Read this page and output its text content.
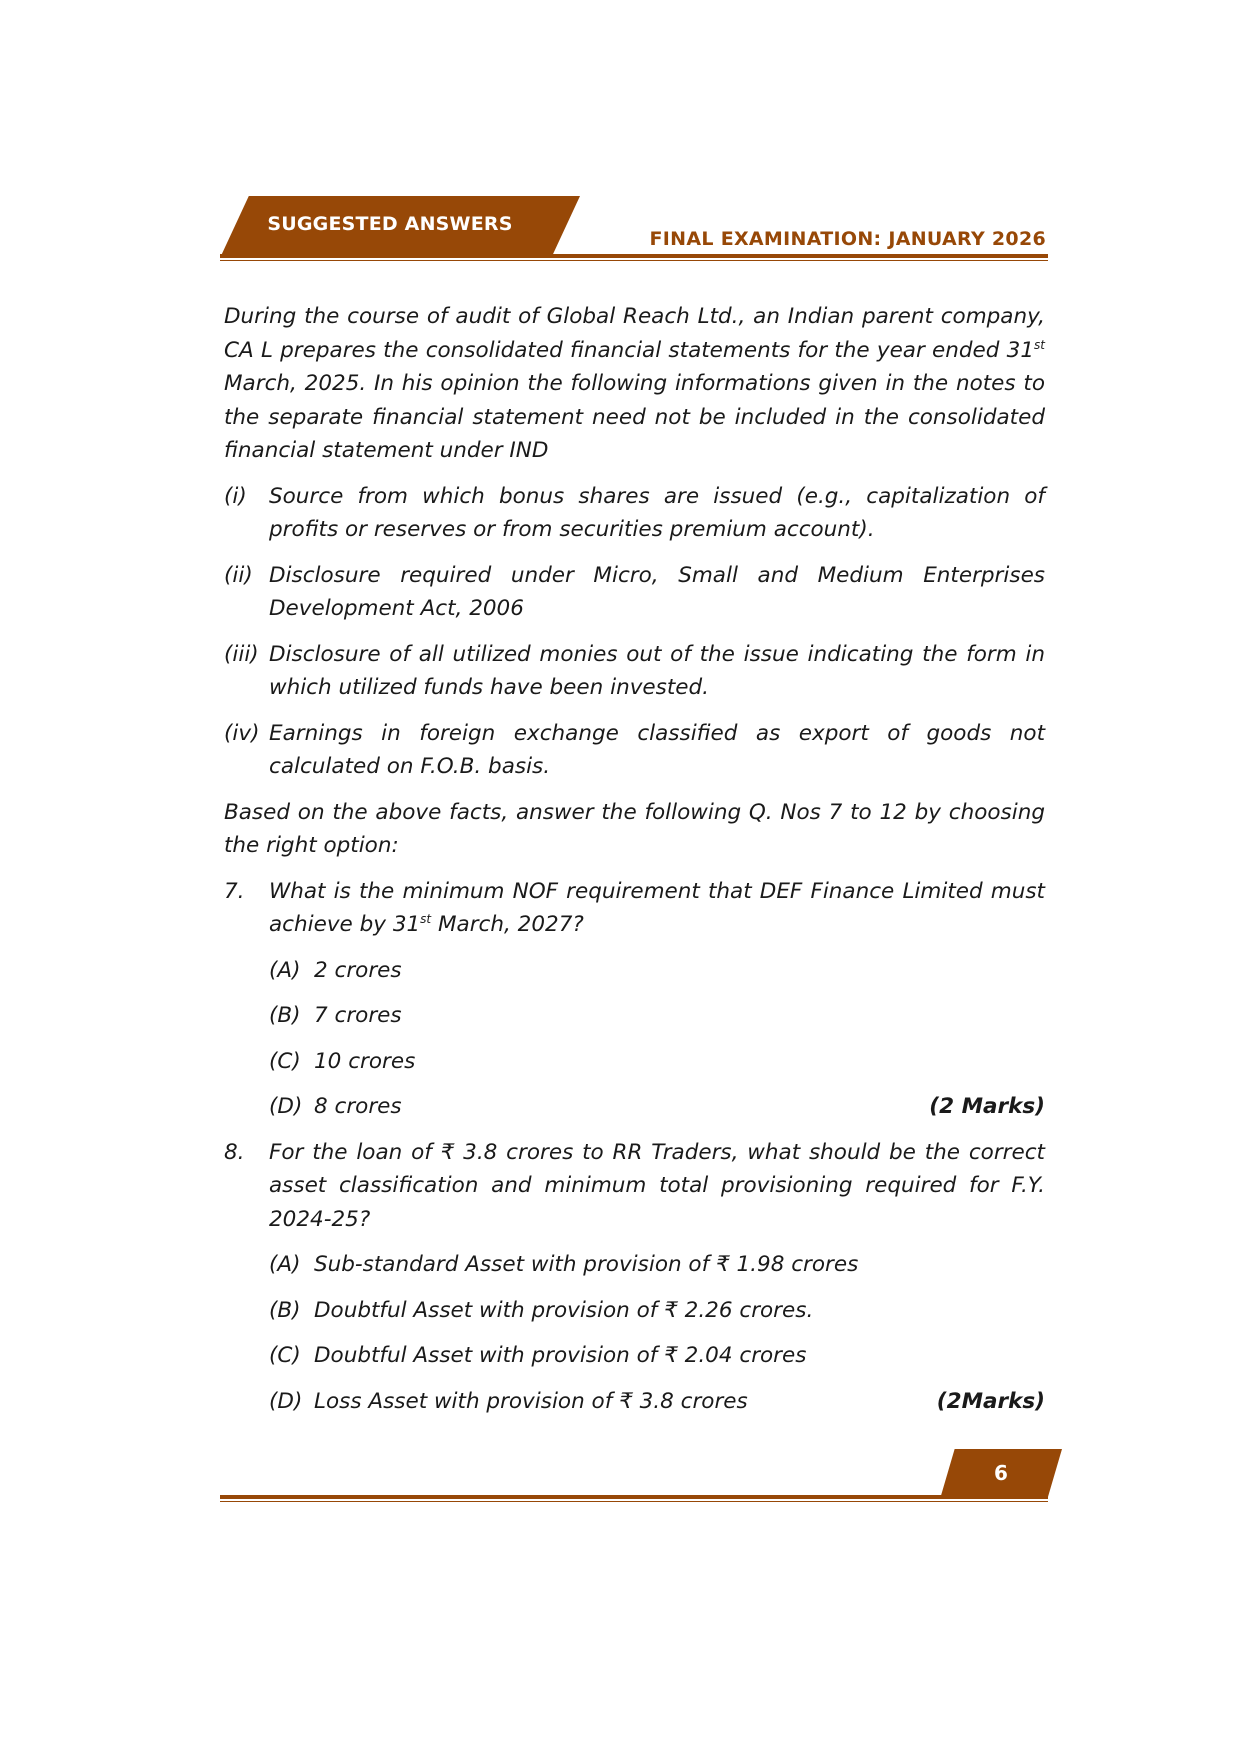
SUGGESTED ANSWERS
FINAL EXAMINATION: JANUARY 2026

During the course of audit of Global Reach Ltd., an Indian parent company, CA L prepares the consolidated financial statements for the year ended 31st March, 2025. In his opinion the following informations given in the notes to the separate financial statement need not be included in the consolidated financial statement under IND

(i) Source from which bonus shares are issued (e.g., capitalization of profits or reserves or from securities premium account).

(ii) Disclosure required under Micro, Small and Medium Enterprises Development Act, 2006

(iii) Disclosure of all utilized monies out of the issue indicating the form in which utilized funds have been invested.

(iv) Earnings in foreign exchange classified as export of goods not calculated on F.O.B. basis.

Based on the above facts, answer the following Q. Nos 7 to 12 by choosing the right option:

7. What is the minimum NOF requirement that DEF Finance Limited must achieve by 31st March, 2027?

(A) 2 crores

(B) 7 crores

(C) 10 crores

(D) 8 crores	(2 Marks)

8. For the loan of ₹ 3.8 crores to RR Traders, what should be the correct asset classification and minimum total provisioning required for F.Y. 2024-25?

(A) Sub-standard Asset with provision of ₹ 1.98 crores

(B) Doubtful Asset with provision of ₹ 2.26 crores.

(C) Doubtful Asset with provision of ₹ 2.04 crores

(D) Loss Asset with provision of ₹ 3.8 crores	(2Marks)

6
